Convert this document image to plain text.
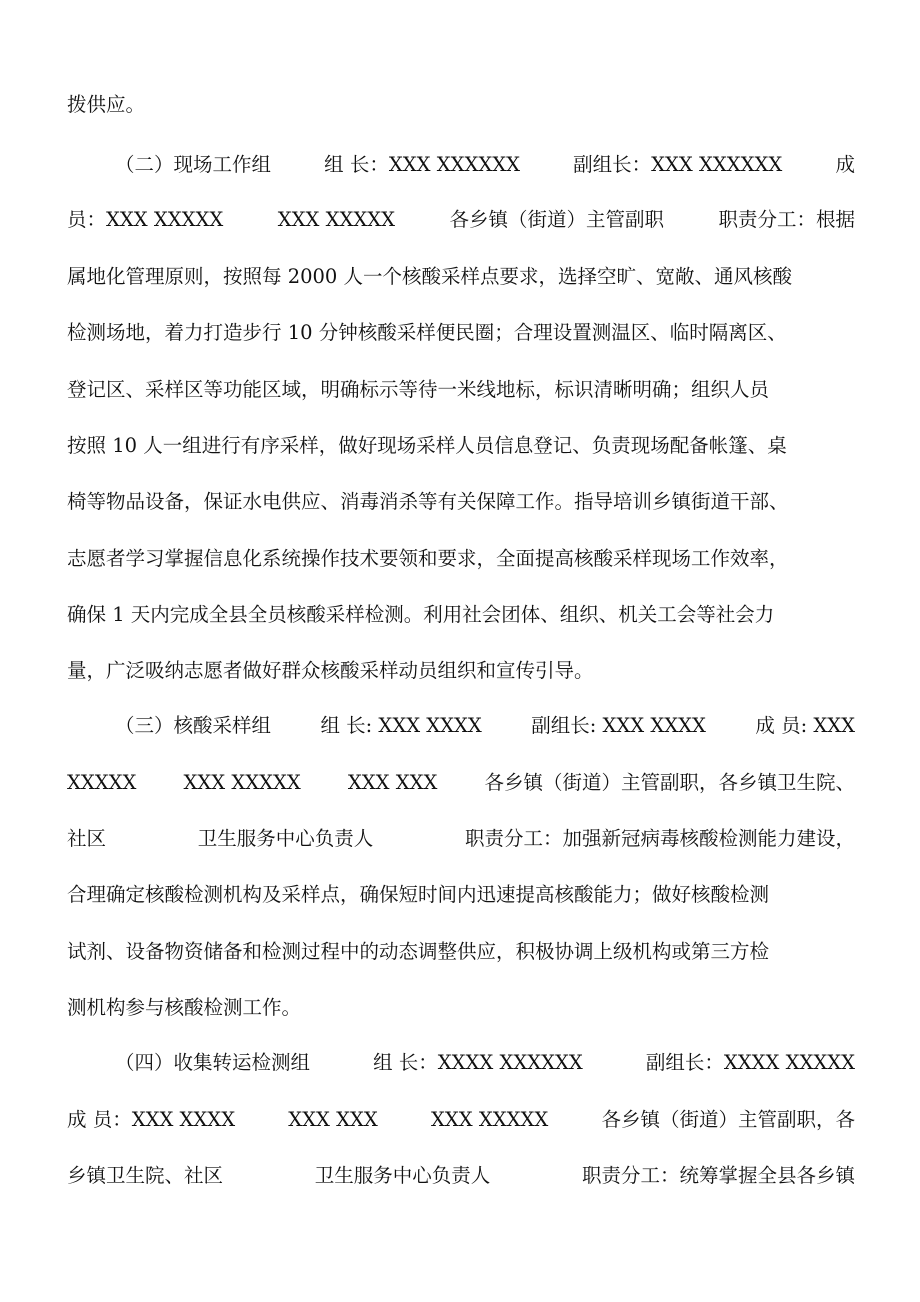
拨供应。
（二）现场工作组	组 长：XXX XXXXXX	副组长：XXX XXXXXX	成
员：XXX XXXXX	XXX XXXXX	各乡镇（街道）主管副职	职责分工：根据
属地化管理原则，按照每 2000 人一个核酸采样点要求，选择空旷、宽敞、通风核酸
检测场地，着力打造步行 10 分钟核酸采样便民圈；合理设置测温区、临时隔离区、
登记区、采样区等功能区域，明确标示等待一米线地标，标识清晰明确；组织人员
按照 10 人一组进行有序采样，做好现场采样人员信息登记、负责现场配备帐篷、桌
椅等物品设备，保证水电供应、消毒消杀等有关保障工作。指导培训乡镇街道干部、
志愿者学习掌握信息化系统操作技术要领和要求，全面提高核酸采样现场工作效率，
确保 1 天内完成全县全员核酸采样检测。利用社会团体、组织、机关工会等社会力
量，广泛吸纳志愿者做好群众核酸采样动员组织和宣传引导。
（三）核酸采样组	组 长: XXX XXXX	副组长: XXX XXXX	成 员: XXX
XXXXX XXX XXXXX XXX XXX 各乡镇（街道）主管副职，各乡镇卫生院、
社区	卫生服务中心负责人	职责分工：加强新冠病毒核酸检测能力建设，
合理确定核酸检测机构及采样点，确保短时间内迅速提高核酸能力；做好核酸检测
试剂、设备物资储备和检测过程中的动态调整供应，积极协调上级机构或第三方检
测机构参与核酸检测工作。
（四）收集转运检测组	组 长：XXXX XXXXXX	副组长：XXXX XXXXX
成 员：XXX XXXX	XXX XXX	XXX XXXXX	各乡镇（街道）主管副职，各
乡镇卫生院、社区	卫生服务中心负责人	职责分工：统筹掌握全县各乡镇
